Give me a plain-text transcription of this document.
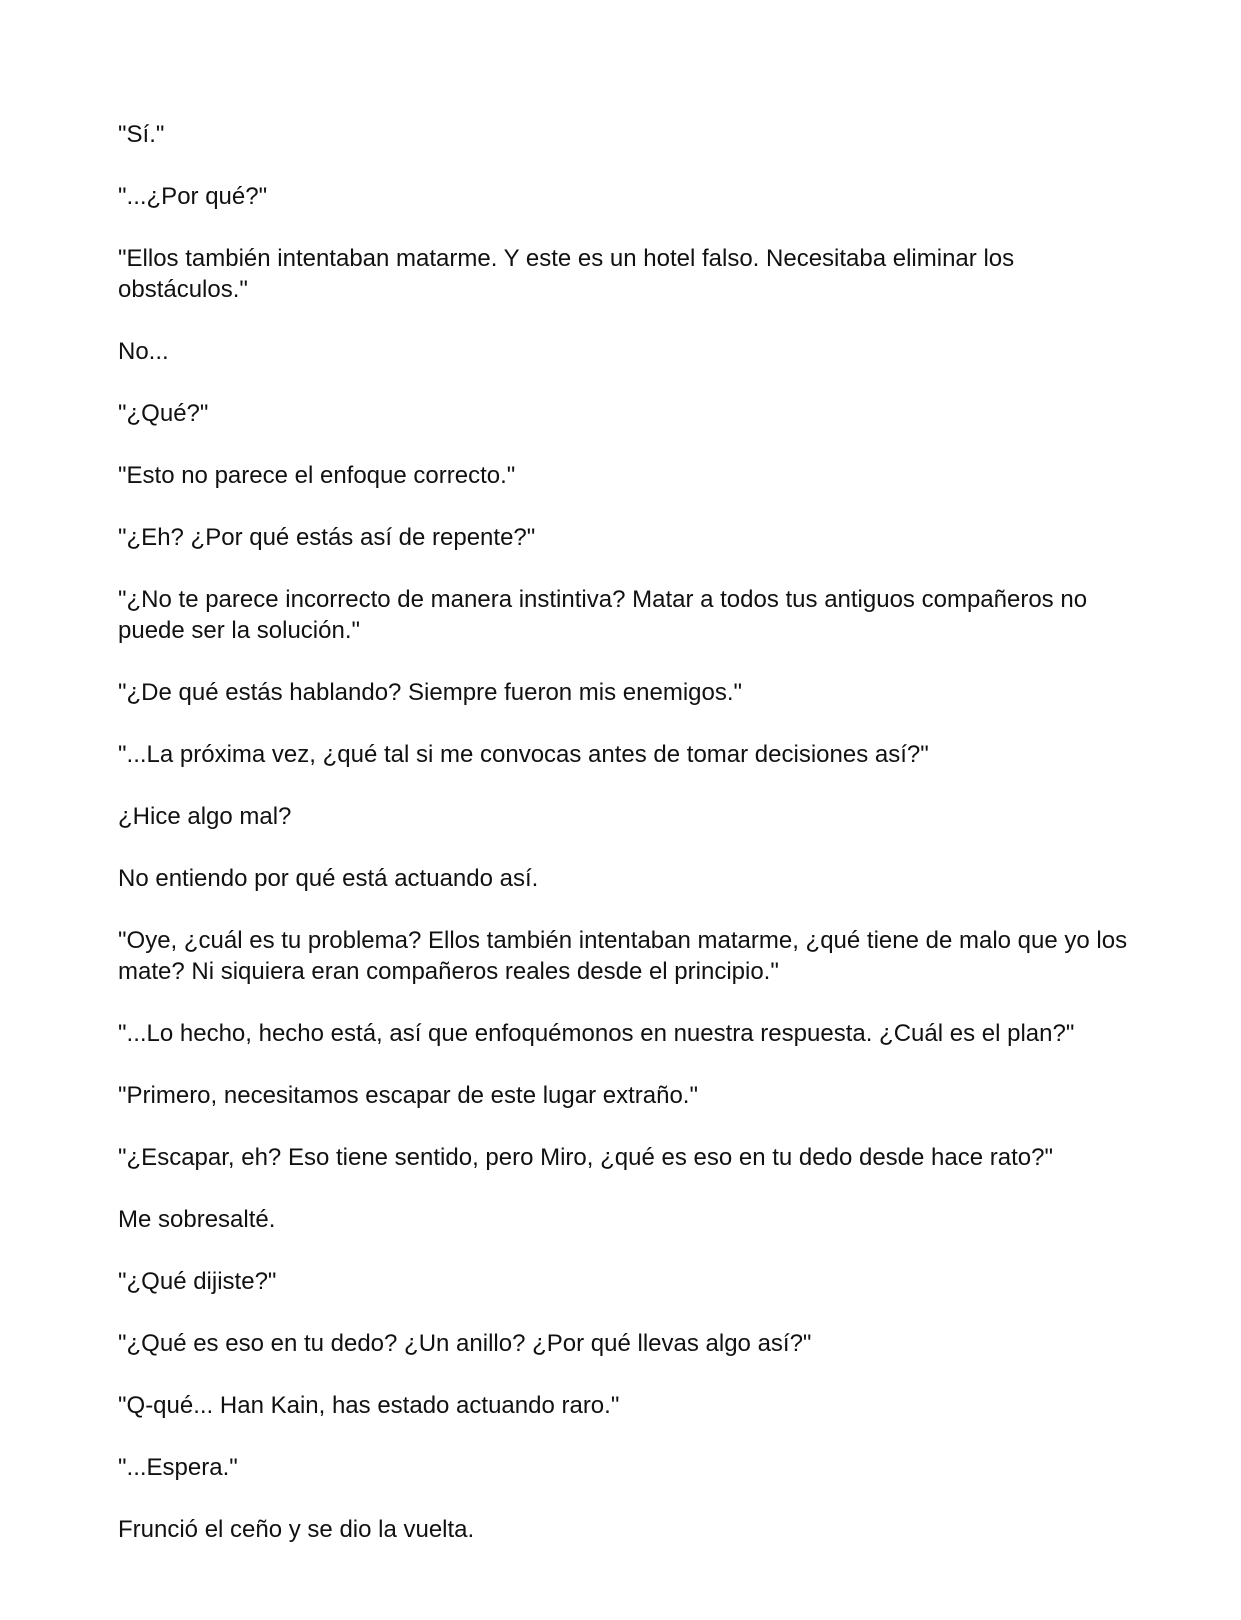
"Sí."

"...¿Por qué?"

"Ellos también intentaban matarme. Y este es un hotel falso. Necesitaba eliminar los obstáculos."

No...

"¿Qué?"

"Esto no parece el enfoque correcto."

"¿Eh? ¿Por qué estás así de repente?"

"¿No te parece incorrecto de manera instintiva? Matar a todos tus antiguos compañeros no puede ser la solución."

"¿De qué estás hablando? Siempre fueron mis enemigos."

"...La próxima vez, ¿qué tal si me convocas antes de tomar decisiones así?"

¿Hice algo mal?

No entiendo por qué está actuando así.

"Oye, ¿cuál es tu problema? Ellos también intentaban matarme, ¿qué tiene de malo que yo los mate? Ni siquiera eran compañeros reales desde el principio."

"...Lo hecho, hecho está, así que enfoquémonos en nuestra respuesta. ¿Cuál es el plan?"

"Primero, necesitamos escapar de este lugar extraño."

"¿Escapar, eh? Eso tiene sentido, pero Miro, ¿qué es eso en tu dedo desde hace rato?"

Me sobresalté.

"¿Qué dijiste?"

"¿Qué es eso en tu dedo? ¿Un anillo? ¿Por qué llevas algo así?"

"Q-qué... Han Kain, has estado actuando raro."

"...Espera."

Frunció el ceño y se dio la vuelta.
